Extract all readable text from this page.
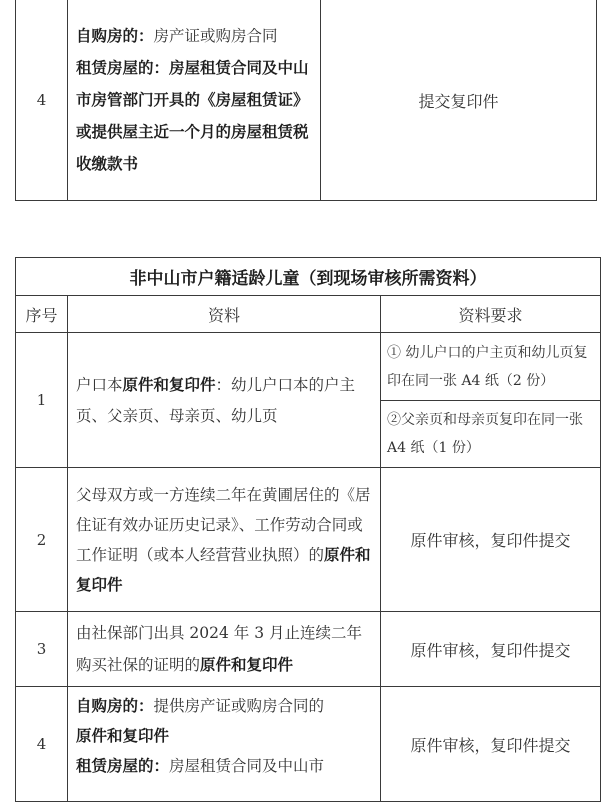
4	自购房的：房产证或购房合同
租赁房屋的：房屋租赁合同及中山市房管部门开具的《房屋租赁证》或提供屋主近一个月的房屋租赁税收缴款书	提交复印件
非中山市户籍适龄儿童（到现场审核所需资料）		
序号	资料	资料要求
1	户口本原件和复印件：幼儿户口本的户主页、父亲页、母亲页、幼儿页	① 幼儿户口的户主页和幼儿页复印在同一张 A4 纸（2 份）
		②父亲页和母亲页复印在同一张 A4 纸（1 份）
2	父母双方或一方连续二年在黄圃居住的《居住证有效办证历史记录》、工作劳动合同或工作证明（或本人经营营业执照）的原件和复印件	原件审核，复印件提交
3	由社保部门出具 2024 年 3 月止连续二年购买社保的证明的原件和复印件	原件审核，复印件提交
4	自购房的：提供房产证或购房合同的
原件和复印件
租赁房屋的：房屋租赁合同及中山市	原件审核，复印件提交
